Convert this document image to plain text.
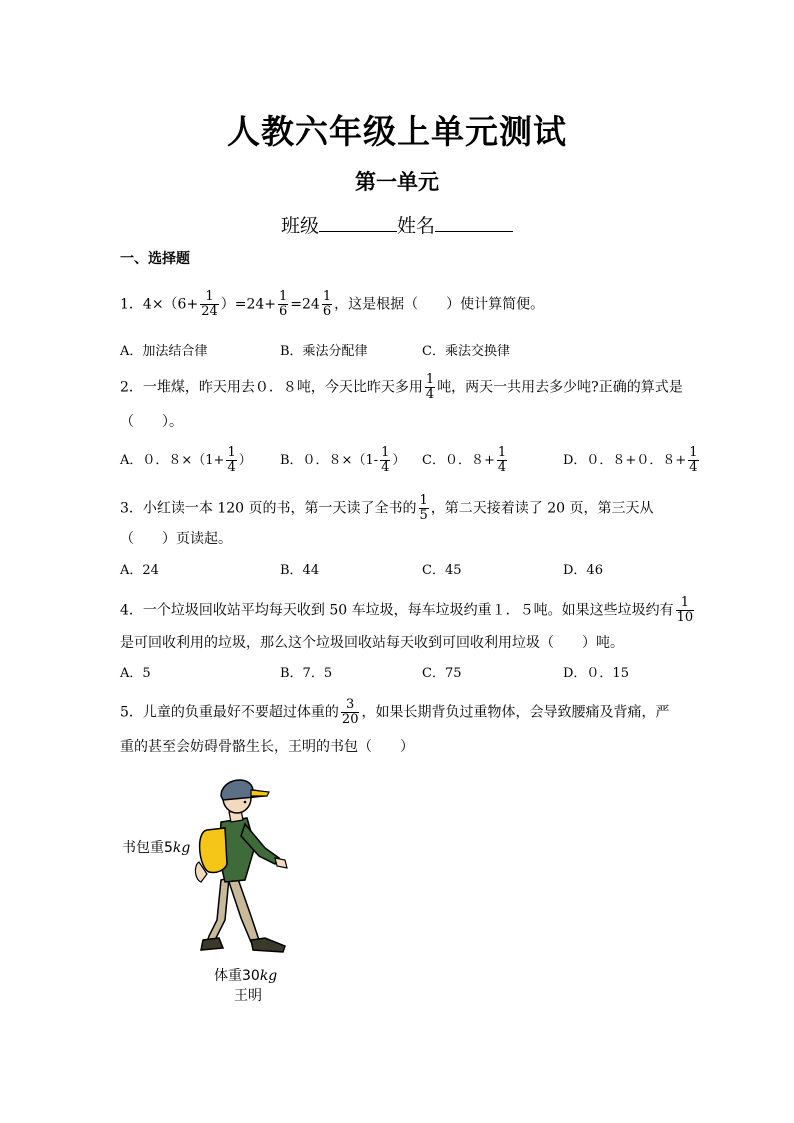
人教六年级上单元测试
第一单元
班级	姓名
一、选择题
1．$4\times(6+ \frac{1}{24} )=24+ \frac{1}{6} =24 \frac{1}{6}$ ，这是根据（　　）使计算简便。
A．加法结合律	B．乘法分配律	C．乘法交换律
2．一堆煤，昨天用去０．８吨，今天比昨天多用 $\frac{1}{4}$ 吨，两天一共用去多少吨?正确的算式是
（　　）。
A．０．$8\times(1+ \frac{1}{4}$ ） B．０．$8\times(1- \frac{1}{4}$ ） C．０．$8+ \frac{1}{4}$	D．０．８+０．$8+ \frac{1}{4}$
3．小红读一本 120 页的书，第一天读了全书的 $\frac{1}{5}$ ，第二天接着读了 20 页，第三天从
（　　）页读起。
A．24	B．44	C．45	D．46
4．一个垃圾回收站平均每天收到 50 车垃圾，每车垃圾约重１．５吨。如果这些垃圾约有 $\frac{1}{10}$
是可回收利用的垃圾，那么这个垃圾回收站每天收到可回收利用垃圾（　　）吨。
A．5	B．7．5	C．75	D．０．15
5．儿童的负重最好不要超过体重的 $\frac{3}{20}$ ，如果长期背负过重物体，会导致腰痛及背痛，严
重的甚至会妨碍骨骼生长，王明的书包（　　）
书包重5kg
体重30kg
王明
